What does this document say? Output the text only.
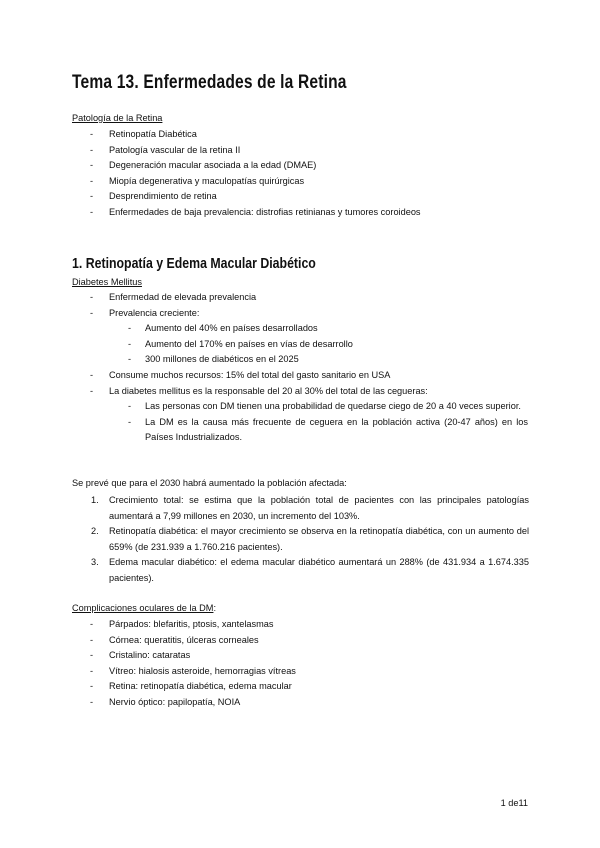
Tema 13. Enfermedades de la Retina
Patología de la Retina
- Retinopatía Diabética
- Patología vascular de la retina II
- Degeneración macular asociada a la edad (DMAE)
- Miopía degenerativa y maculopatías quirúrgicas
- Desprendimiento de retina
- Enfermedades de baja prevalencia: distrofias retinianas y tumores coroideos
1. Retinopatía y Edema Macular Diabético
Diabetes Mellitus
- Enfermedad de elevada prevalencia
- Prevalencia creciente:
- Aumento del 40% en países desarrollados
- Aumento del 170% en países en vías de desarrollo
- 300 millones de diabéticos en el 2025
- Consume muchos recursos: 15% del total del gasto sanitario en USA
- La diabetes mellitus es la responsable del 20 al 30% del total de las cegueras:
- Las personas con DM tienen una probabilidad de quedarse ciego de 20 a 40 veces superior.
- La DM es la causa más frecuente de ceguera en la población activa (20-47 años) en los Países Industrializados.
Se prevé que para el 2030 habrá aumentado la población afectada:
1. Crecimiento total: se estima que la población total de pacientes con las principales patologías aumentará a 7,99 millones en 2030, un incremento del 103%.
2. Retinopatía diabética: el mayor crecimiento se observa en la retinopatía diabética, con un aumento del 659% (de 231.939 a 1.760.216 pacientes).
3. Edema macular diabético: el edema macular diabético aumentará un 288% (de 431.934 a 1.674.335 pacientes).
Complicaciones oculares de la DM:
- Párpados: blefaritis, ptosis, xantelasmas
- Córnea: queratitis, úlceras corneales
- Cristalino: cataratas
- Vítreo: hialosis asteroide, hemorragias vítreas
- Retina: retinopatía diabética, edema macular
- Nervio óptico: papilopatía, NOIA
1 de11
